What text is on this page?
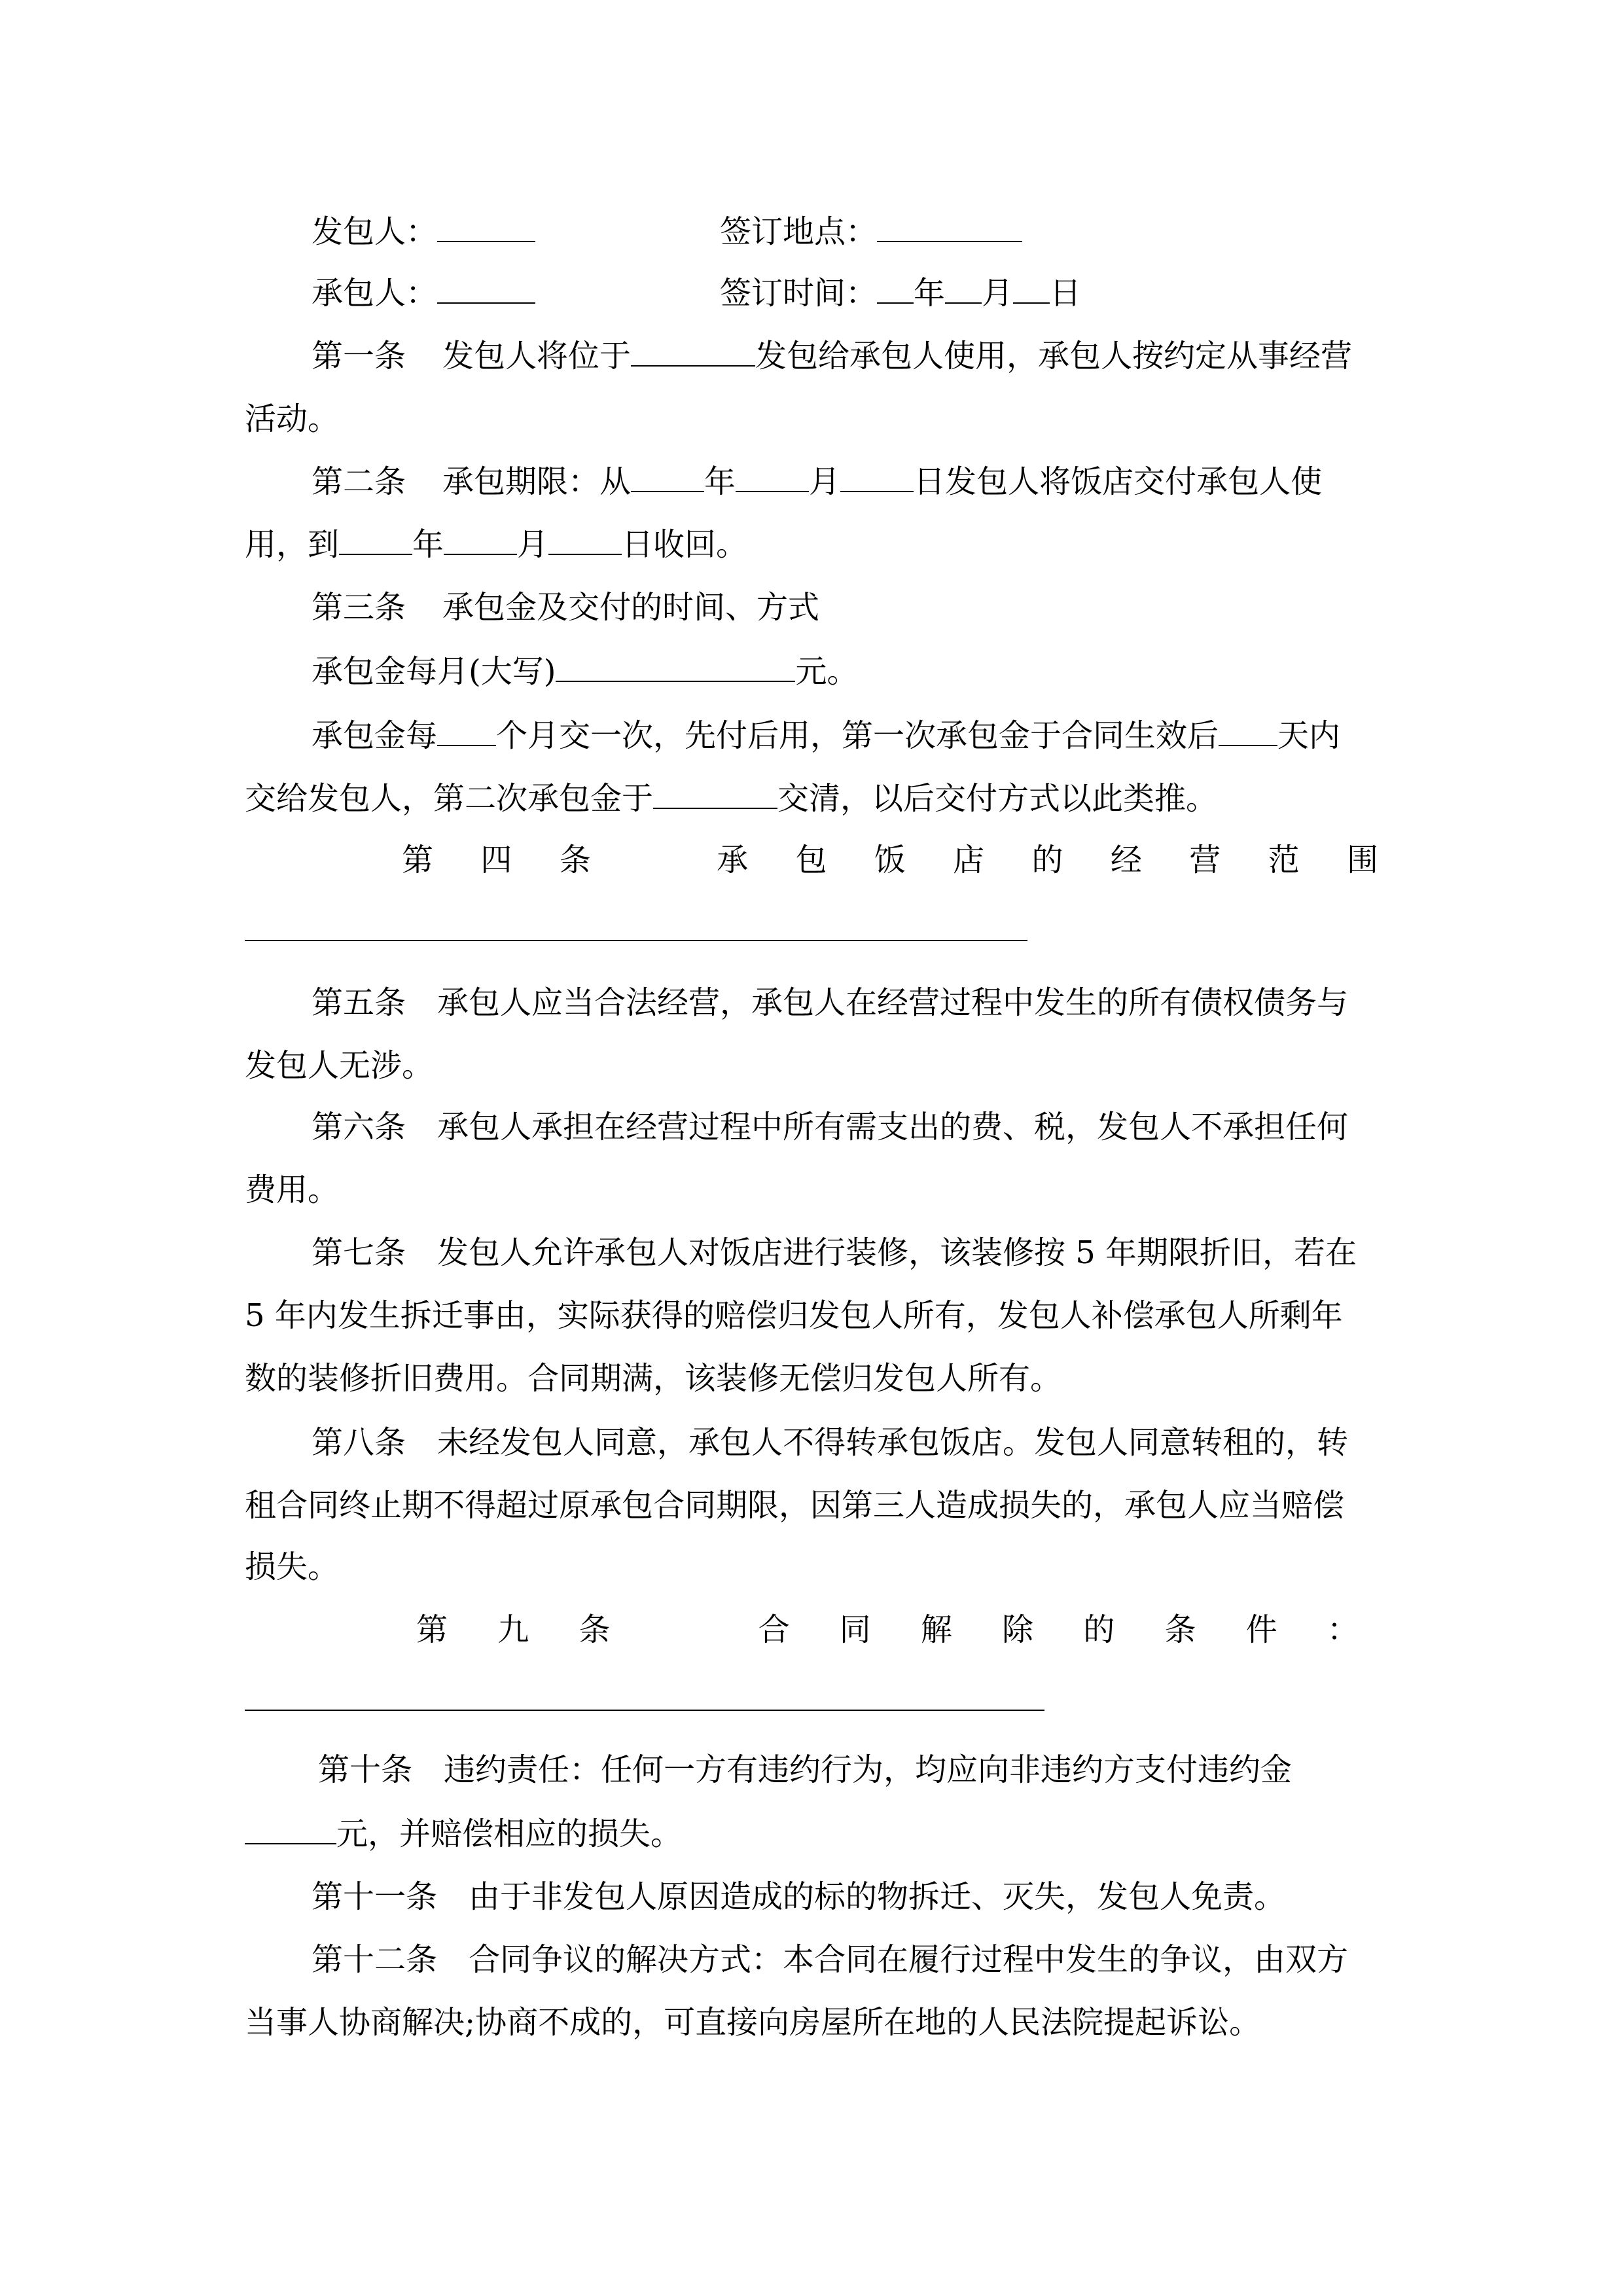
发包人：	签订地点：
承包人：	签订时间： 年 月 日
第一条 发包人将位于	发包给承包人使用，承包人按约定从事经营
活动。
第二条 承包期限：从 年 月 日发包人将饭店交付承包人使
用，到 年 月 日收回。
第三条 承包金及交付的时间、方式
承包金每月(大写)	元。
承包金每 个月交一次，先付后用，第一次承包金于合同生效后 天内
交给发包人，第二次承包金于	交清，以后交付方式以此类推。
第 四 条	承 包 饭 店 的 经 营 范 围
第五条　承包人应当合法经营，承包人在经营过程中发生的所有债权债务与
发包人无涉。
第六条　承包人承担在经营过程中所有需支出的费、税，发包人不承担任何
费用。
第七条　发包人允许承包人对饭店进行装修，该装修按 5 年期限折旧，若在
5 年内发生拆迁事由，实际获得的赔偿归发包人所有，发包人补偿承包人所剩年
数的装修折旧费用。合同期满，该装修无偿归发包人所有。
第八条　未经发包人同意，承包人不得转承包饭店。发包人同意转租的，转
租合同终止期不得超过原承包合同期限，因第三人造成损失的，承包人应当赔偿
损失。
第 九 条	合 同 解 除 的 条 件 ：
第十条　违约责任：任何一方有违约行为，均应向非违约方支付违约金
元，并赔偿相应的损失。
第十一条　由于非发包人原因造成的标的物拆迁、灭失，发包人免责。
第十二条　合同争议的解决方式：本合同在履行过程中发生的争议，由双方
当事人协商解决;协商不成的，可直接向房屋所在地的人民法院提起诉讼。
